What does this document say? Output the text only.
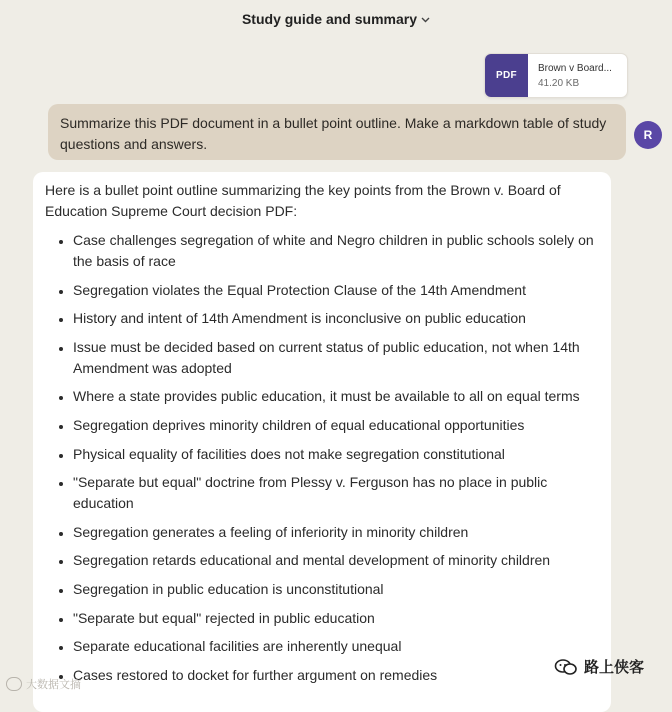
Study guide and summary
PDF
Brown v Board...
41.20 KB
Summarize this PDF document in a bullet point outline. Make a markdown table of study questions and answers.
R

Here is a bullet point outline summarizing the key points from the Brown v. Board of Education Supreme Court decision PDF:

• Case challenges segregation of white and Negro children in public schools solely on the basis of race
• Segregation violates the Equal Protection Clause of the 14th Amendment
• History and intent of 14th Amendment is inconclusive on public education
• Issue must be decided based on current status of public education, not when 14th Amendment was adopted
• Where a state provides public education, it must be available to all on equal terms
• Segregation deprives minority children of equal educational opportunities
• Physical equality of facilities does not make segregation constitutional
• "Separate but equal" doctrine from Plessy v. Ferguson has no place in public education
• Segregation generates a feeling of inferiority in minority children
• Segregation retards educational and mental development of minority children
• Segregation in public education is unconstitutional
• "Separate but equal" rejected in public education
• Separate educational facilities are inherently unequal
• Cases restored to docket for further argument on remedies
大数据文摘
路上侠客
